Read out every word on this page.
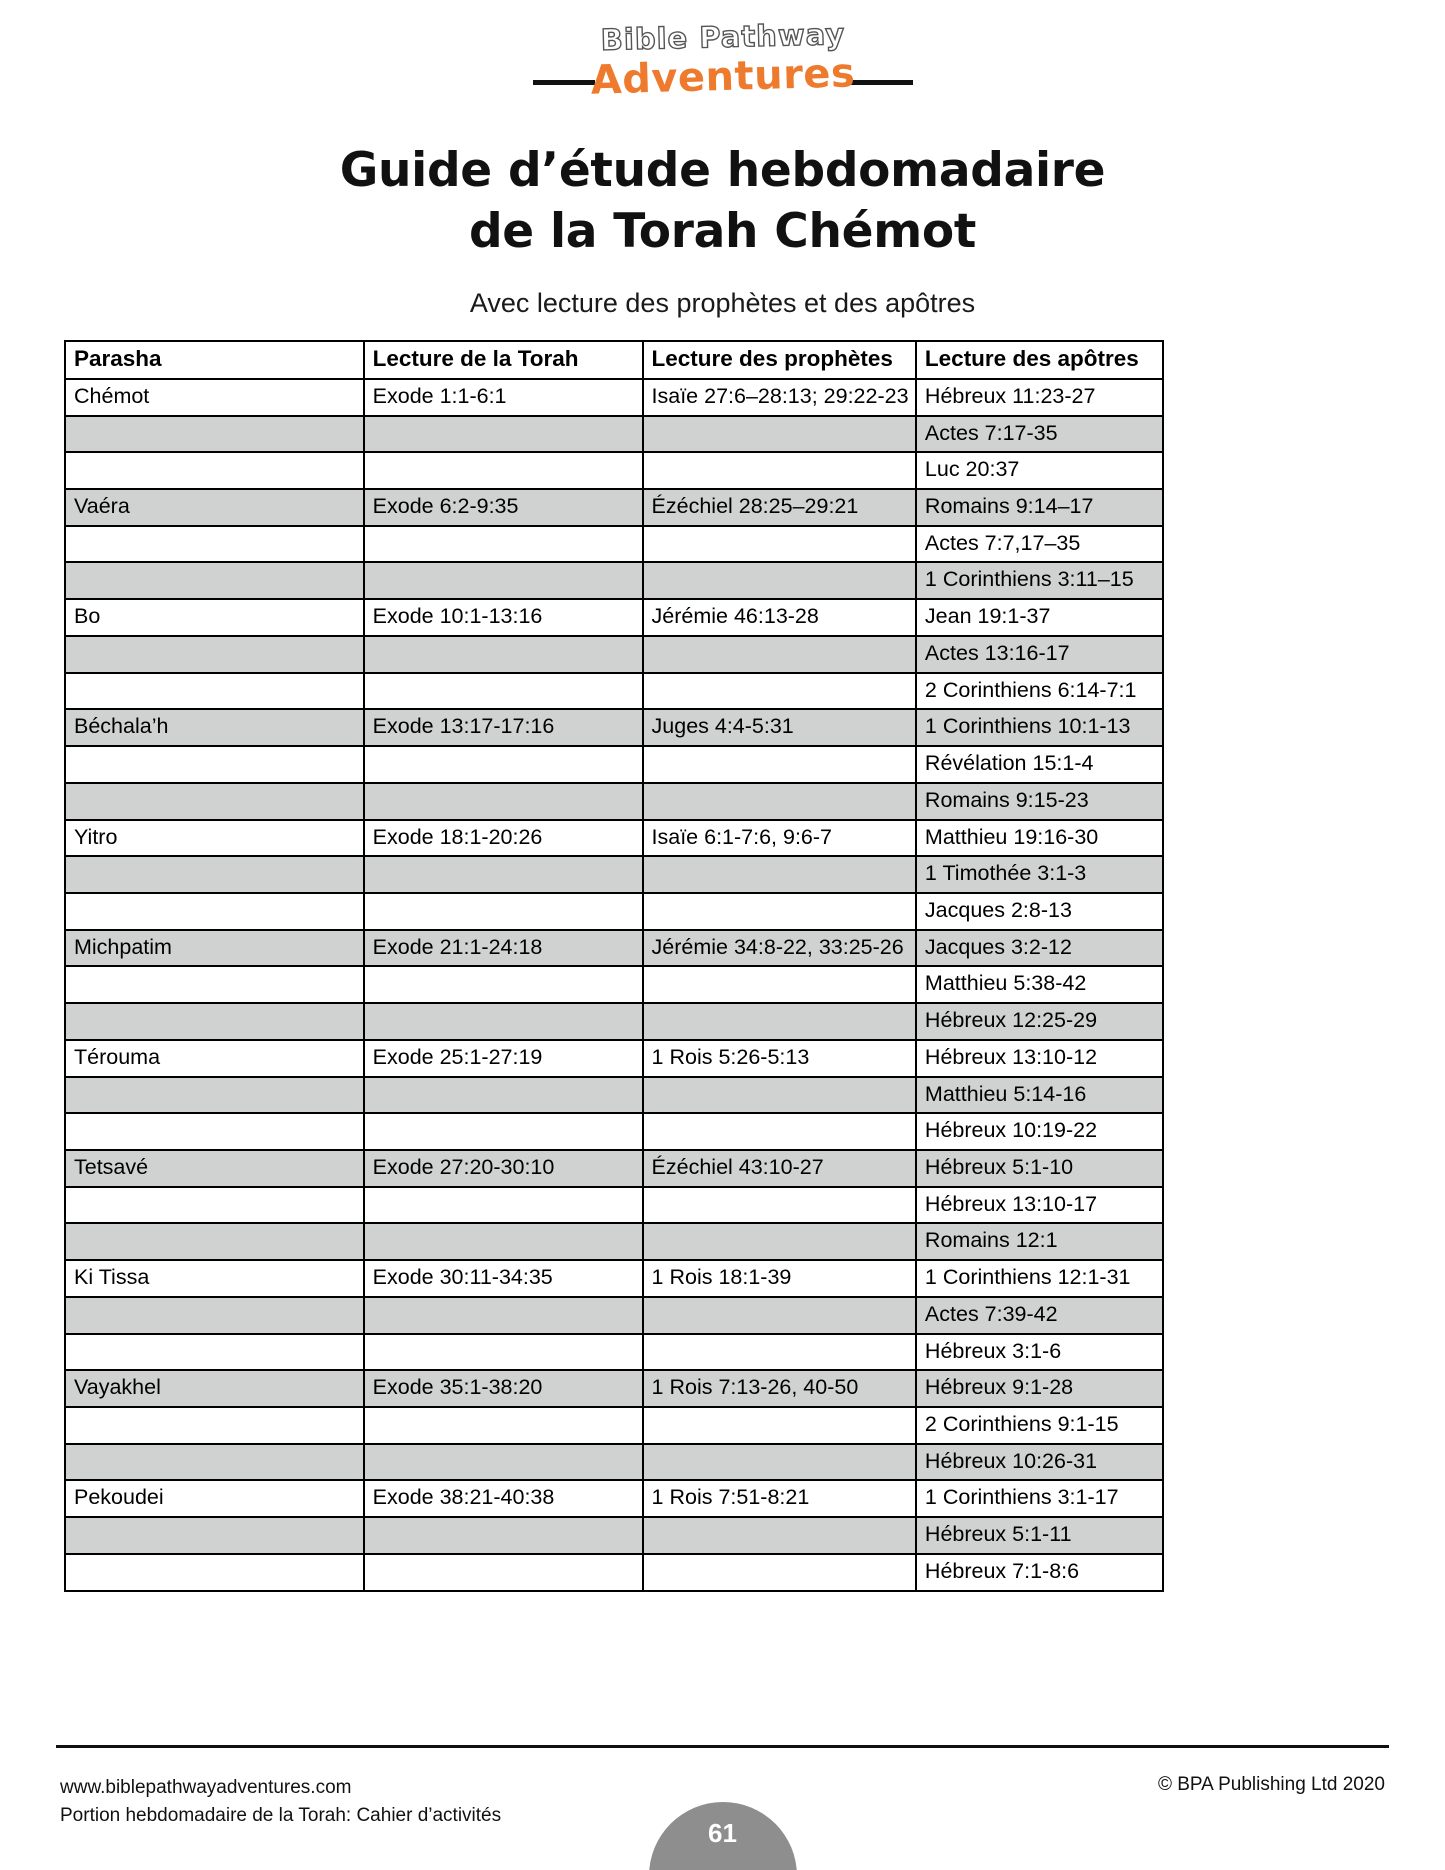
Bible Pathway
Adventures
Guide d’étude hebdomadaire
de la Torah Chémot
Avec lecture des prophètes et des apôtres
Parasha	Lecture de la Torah	Lecture des prophètes	Lecture des apôtres
Chémot	Exode 1:1-6:1	Isaïe 27:6–28:13; 29:22-23	Hébreux 11:23-27
			Actes 7:17-35
			Luc 20:37
Vaéra	Exode 6:2-9:35	Ézéchiel 28:25–29:21	Romains 9:14–17
			Actes 7:7,17–35
			1 Corinthiens 3:11–15
Bo	Exode 10:1-13:16	Jérémie 46:13-28	Jean 19:1-37
			Actes 13:16-17
			2 Corinthiens 6:14-7:1
Béchala’h	Exode 13:17-17:16	Juges 4:4-5:31	1 Corinthiens 10:1-13
			Révélation 15:1-4
			Romains 9:15-23
Yitro	Exode 18:1-20:26	Isaïe 6:1-7:6, 9:6-7	Matthieu 19:16-30
			1 Timothée 3:1-3
			Jacques 2:8-13
Michpatim	Exode 21:1-24:18	Jérémie 34:8-22, 33:25-26	Jacques 3:2-12
			Matthieu 5:38-42
			Hébreux 12:25-29
Térouma	Exode 25:1-27:19	1 Rois 5:26-5:13	Hébreux 13:10-12
			Matthieu 5:14-16
			Hébreux 10:19-22
Tetsavé	Exode 27:20-30:10	Ézéchiel 43:10-27	Hébreux 5:1-10
			Hébreux 13:10-17
			Romains 12:1
Ki Tissa	Exode 30:11-34:35	1 Rois 18:1-39	1 Corinthiens 12:1-31
			Actes 7:39-42
			Hébreux 3:1-6
Vayakhel	Exode 35:1-38:20	1 Rois 7:13-26, 40-50	Hébreux 9:1-28
			2 Corinthiens 9:1-15
			Hébreux 10:26-31
Pekoudei	Exode 38:21-40:38	1 Rois 7:51-8:21	1 Corinthiens 3:1-17
			Hébreux 5:1-11
			Hébreux 7:1-8:6
www.biblepathwayadventures.com
Portion hebdomadaire de la Torah: Cahier d’activités
61
© BPA Publishing Ltd 2020
